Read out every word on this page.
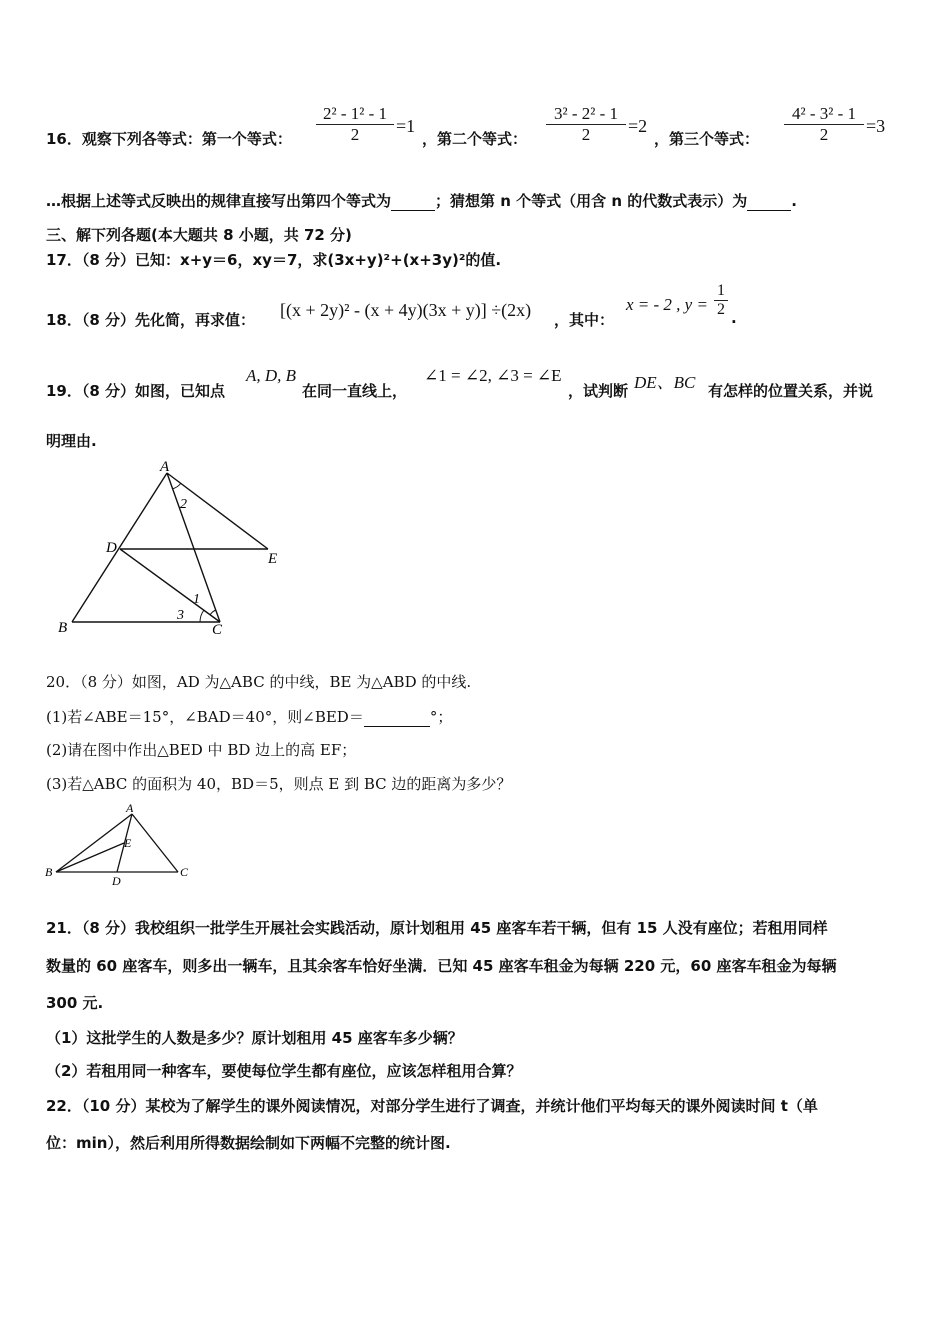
16．观察下列各等式：第一个等式： $\frac{\text{2² - 1² - 1}}{2} =1$
，第二个等式： $\frac{\text{3² - 2² - 1}}{2} =2$
，第三个等式： $\frac{\text{4² - 3² - 1}}{2} =3$
…根据上述等式反映出的规律直接写出第四个等式为	；猜想第 n 个等式（用含 n 的代数式表示）为	.
三、解下列各题(本大题共 8 小题，共 72 分)
17．（8 分）已知：x+y＝6，xy＝7，求(3x+y)²+(x+3y)²的值.
18．（8 分）先化简，再求值： [(x + 2y)² - (x + 4y)(3x + y)] ÷(2x) ，其中：
x = - 2 , $y = \frac{1}{2}$ .
19．（8 分）如图，已知点
A, D, B
在同一直线上，
∠1 = ∠2, ∠3 = ∠E
，试判断 DE、BC 有怎样的位置关系，并说
明理由.
A
D
E
B	C
2
1
3
20．（8 分）如图，AD 为△ABC 的中线，BE 为△ABD 的中线.
(1)若∠ABE＝15°，∠BAD＝40°，则∠BED＝	°；
(2)请在图中作出△BED 中 BD 边上的高 EF；
(3)若△ABC 的面积为 40，BD＝5，则点 E 到 BC 边的距离为多少？
A
B	C
D
E
21．（8 分）我校组织一批学生开展社会实践活动，原计划租用 45 座客车若干辆，但有 15 人没有座位；若租用同样
数量的 60 座客车，则多出一辆车，且其余客车恰好坐满．已知 45 座客车租金为每辆 220 元，60 座客车租金为每辆
300 元.
（1）这批学生的人数是多少？原计划租用 45 座客车多少辆？
（2）若租用同一种客车，要使每位学生都有座位，应该怎样租用合算？
22．（10 分）某校为了解学生的课外阅读情况，对部分学生进行了调查，并统计他们平均每天的课外阅读时间 t（单
位：min），然后利用所得数据绘制如下两幅不完整的统计图.
